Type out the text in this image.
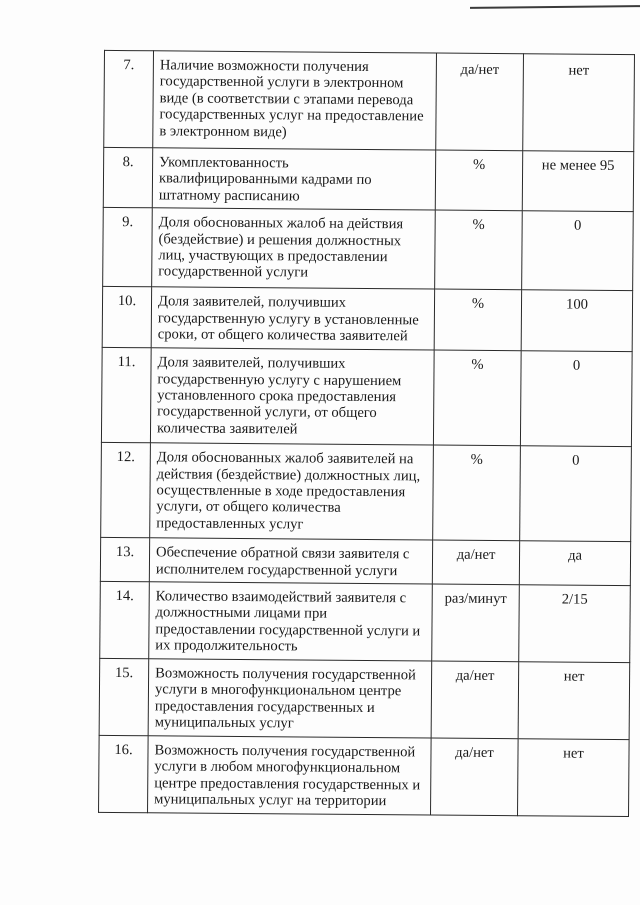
7.	Наличие возможности получения государственной услуги в электронном виде (в соответствии с этапами перевода государственных услуг на предоставление в электронном виде)	да/нет	нет
8.	Укомплектованность квалифицированными кадрами по штатному расписанию	%	не менее 95
9.	Доля обоснованных жалоб на действия (бездействие) и решения должностных лиц, участвующих в предоставлении государственной услуги	%	0
10.	Доля заявителей, получивших государственную услугу в установленные сроки, от общего количества заявителей	%	100
11.	Доля заявителей, получивших государственную услугу с нарушением установленного срока предоставления государственной услуги, от общего количества заявителей	%	0
12.	Доля обоснованных жалоб заявителей на действия (бездействие) должностных лиц, осуществленные в ходе предоставления услуги, от общего количества предоставленных услуг	%	0
13.	Обеспечение обратной связи заявителя с исполнителем государственной услуги	да/нет	да
14.	Количество взаимодействий заявителя с должностными лицами при предоставлении государственной услуги и их продолжительность	раз/минут	2/15
15.	Возможность получения государственной услуги в многофункциональном центре предоставления государственных и муниципальных услуг	да/нет	нет
16.	Возможность получения государственной услуги в любом многофункциональном центре предоставления государственных и муниципальных услуг на территории	да/нет	нет
